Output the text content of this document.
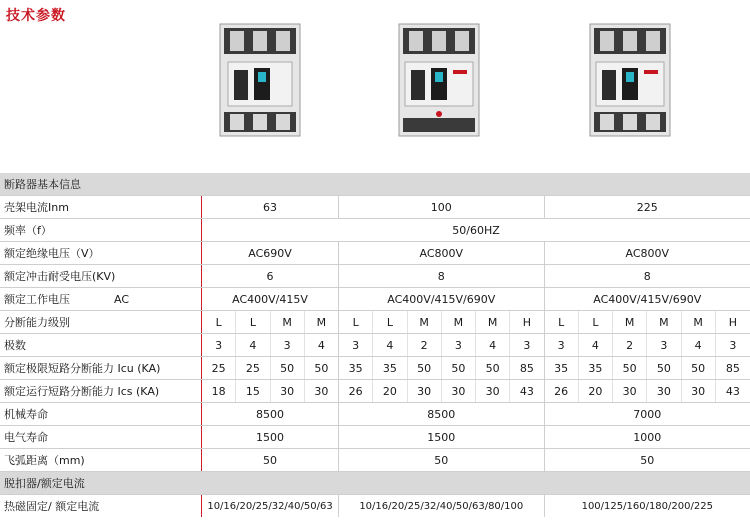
技术参数
断路器基本信息																
壳架电流Inm	63				100						225					
频率（f）	50/60HZ															
额定绝缘电压（V）	AC690V				AC800V						AC800V					
额定冲击耐受电压(KV)	6				8						8					
额定工作电压 AC	AC400V/415V				AC400V/415V/690V						AC400V/415V/690V					
分断能力级别	L	L	M	M	L	L	M	M	M	H	L	L	M	M	M	H
极数	3	4	3	4	3	4	2	3	4	3	3	4	2	3	4	3
额定极限短路分断能力 Icu (KA)	25	25	50	50	35	35	50	50	50	85	35	35	50	50	50	85
额定运行短路分断能力 Ics (KA)	18	15	30	30	26	20	30	30	30	43	26	20	30	30	30	43
机械寿命	8500				8500						7000					
电气寿命	1500				1500						1000					
飞弧距离（mm)	50				50						50					
脱扣器/额定电流																
热磁固定/ 额定电流	10/16/20/25/32/40/50/63				10/16/20/25/32/40/50/63/80/100						100/125/160/180/200/225					
